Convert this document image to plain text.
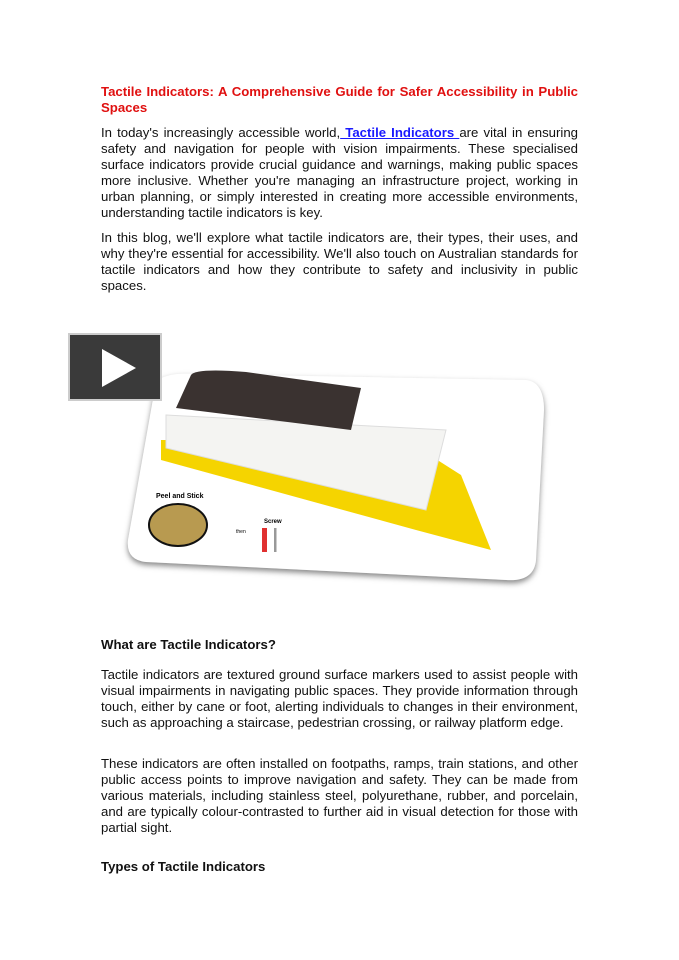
Tactile Indicators: A Comprehensive Guide for Safer Accessibility in Public Spaces
In today's increasingly accessible world, Tactile Indicators are vital in ensuring safety and navigation for people with vision impairments. These specialised surface indicators provide crucial guidance and warnings, making public spaces more inclusive. Whether you're managing an infrastructure project, working in urban planning, or simply interested in creating more accessible environments, understanding tactile indicators is key.
In this blog, we'll explore what tactile indicators are, their types, their uses, and why they're essential for accessibility. We'll also touch on Australian standards for tactile indicators and how they contribute to safety and inclusivity in public spaces.
Peel and Stick
then
Screw
What are Tactile Indicators?
Tactile indicators are textured ground surface markers used to assist people with visual impairments in navigating public spaces. They provide information through touch, either by cane or foot, alerting individuals to changes in their environment, such as approaching a staircase, pedestrian crossing, or railway platform edge.
These indicators are often installed on footpaths, ramps, train stations, and other public access points to improve navigation and safety. They can be made from various materials, including stainless steel, polyurethane, rubber, and porcelain, and are typically colour-contrasted to further aid in visual detection for those with partial sight.
Types of Tactile Indicators
